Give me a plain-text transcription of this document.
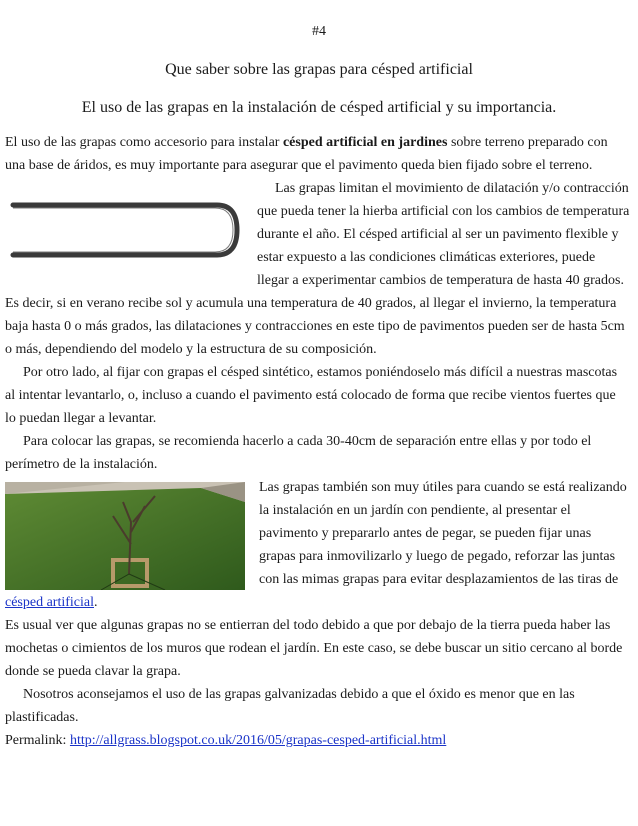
#4
Que saber sobre las grapas para césped artificial
El uso de las grapas en la instalación de césped artificial y su importancia.

El uso de las grapas como accesorio para instalar césped artificial en jardines sobre terreno preparado con una base de áridos, es muy importante para asegurar que el pavimento queda bien fijado sobre el terreno.

Las grapas limitan el movimiento de dilatación y/o contracción que pueda tener la hierba artificial con los cambios de temperatura durante el año. El césped artificial al ser un pavimento flexible y estar expuesto a las condiciones climáticas exteriores, puede llegar a experimentar cambios de temperatura de hasta 40 grados. Es decir, si en verano recibe sol y acumula una temperatura de 40 grados, al llegar el invierno, la temperatura baja hasta 0 o más grados, las dilataciones y contracciones en este tipo de pavimentos pueden ser de hasta 5cm o más, dependiendo del modelo y la estructura de su composición.

Por otro lado, al fijar con grapas el césped sintético, estamos poniéndoselo más difícil a nuestras mascotas al intentar levantarlo, o, incluso a cuando el pavimento está colocado de forma que recibe vientos fuertes que lo puedan llegar a levantar.

Para colocar las grapas, se recomienda hacerlo a cada 30-40cm de separación entre ellas y por todo el perímetro de la instalación.

Las grapas también son muy útiles para cuando se está realizando la instalación en un jardín con pendiente, al presentar el pavimento y prepararlo antes de pegar, se pueden fijar unas grapas para inmovilizarlo y luego de pegado, reforzar las juntas con las mimas grapas para evitar desplazamientos de las tiras de césped artificial.

Es usual ver que algunas grapas no se entierran del todo debido a que por debajo de la tierra pueda haber las mochetas o cimientos de los muros que rodean el jardín. En este caso, se debe buscar un sitio cercano al borde donde se pueda clavar la grapa.

Nosotros aconsejamos el uso de las grapas galvanizadas debido a que el óxido es menor que en las plastificadas.

Permalink: http://allgrass.blogspot.co.uk/2016/05/grapas-cesped-artificial.html
